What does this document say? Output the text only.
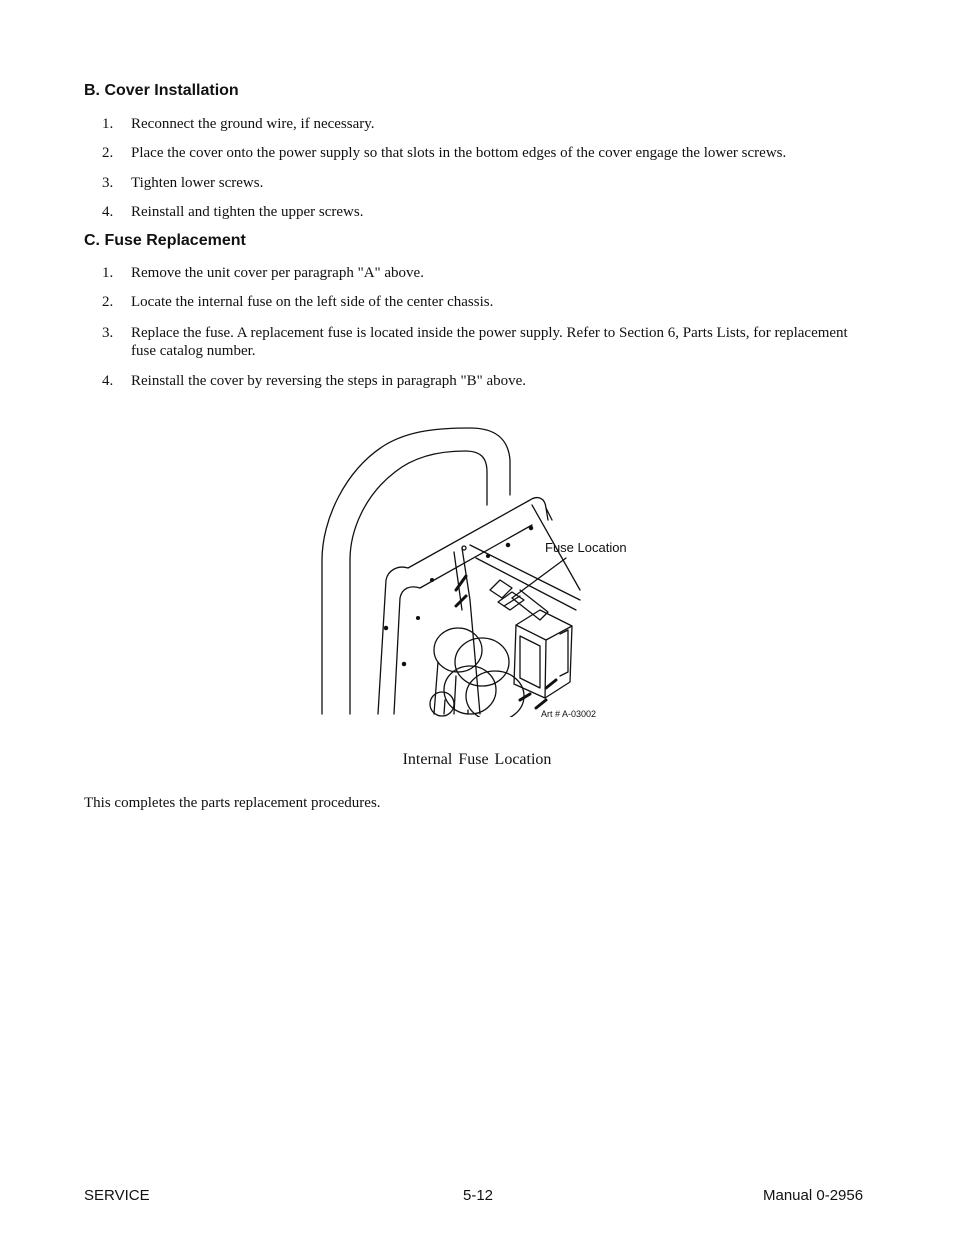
B. Cover Installation
1. Reconnect the ground wire, if necessary.
2. Place the cover onto the power supply so that slots in the bottom edges of the cover engage the lower screws.
3. Tighten lower screws.
4. Reinstall and tighten the upper screws.
C. Fuse Replacement
1. Remove the unit cover per paragraph "A" above.
2. Locate the internal fuse on the left side of the center chassis.
3. Replace the fuse. A replacement fuse is located inside the power supply. Refer to Section 6, Parts Lists, for replacement fuse catalog number.
4. Reinstall the cover by reversing the steps in paragraph "B" above.
Fuse Location
Art # A-03002
Internal Fuse Location
This completes the parts replacement procedures.
SERVICE	5-12	Manual 0-2956
